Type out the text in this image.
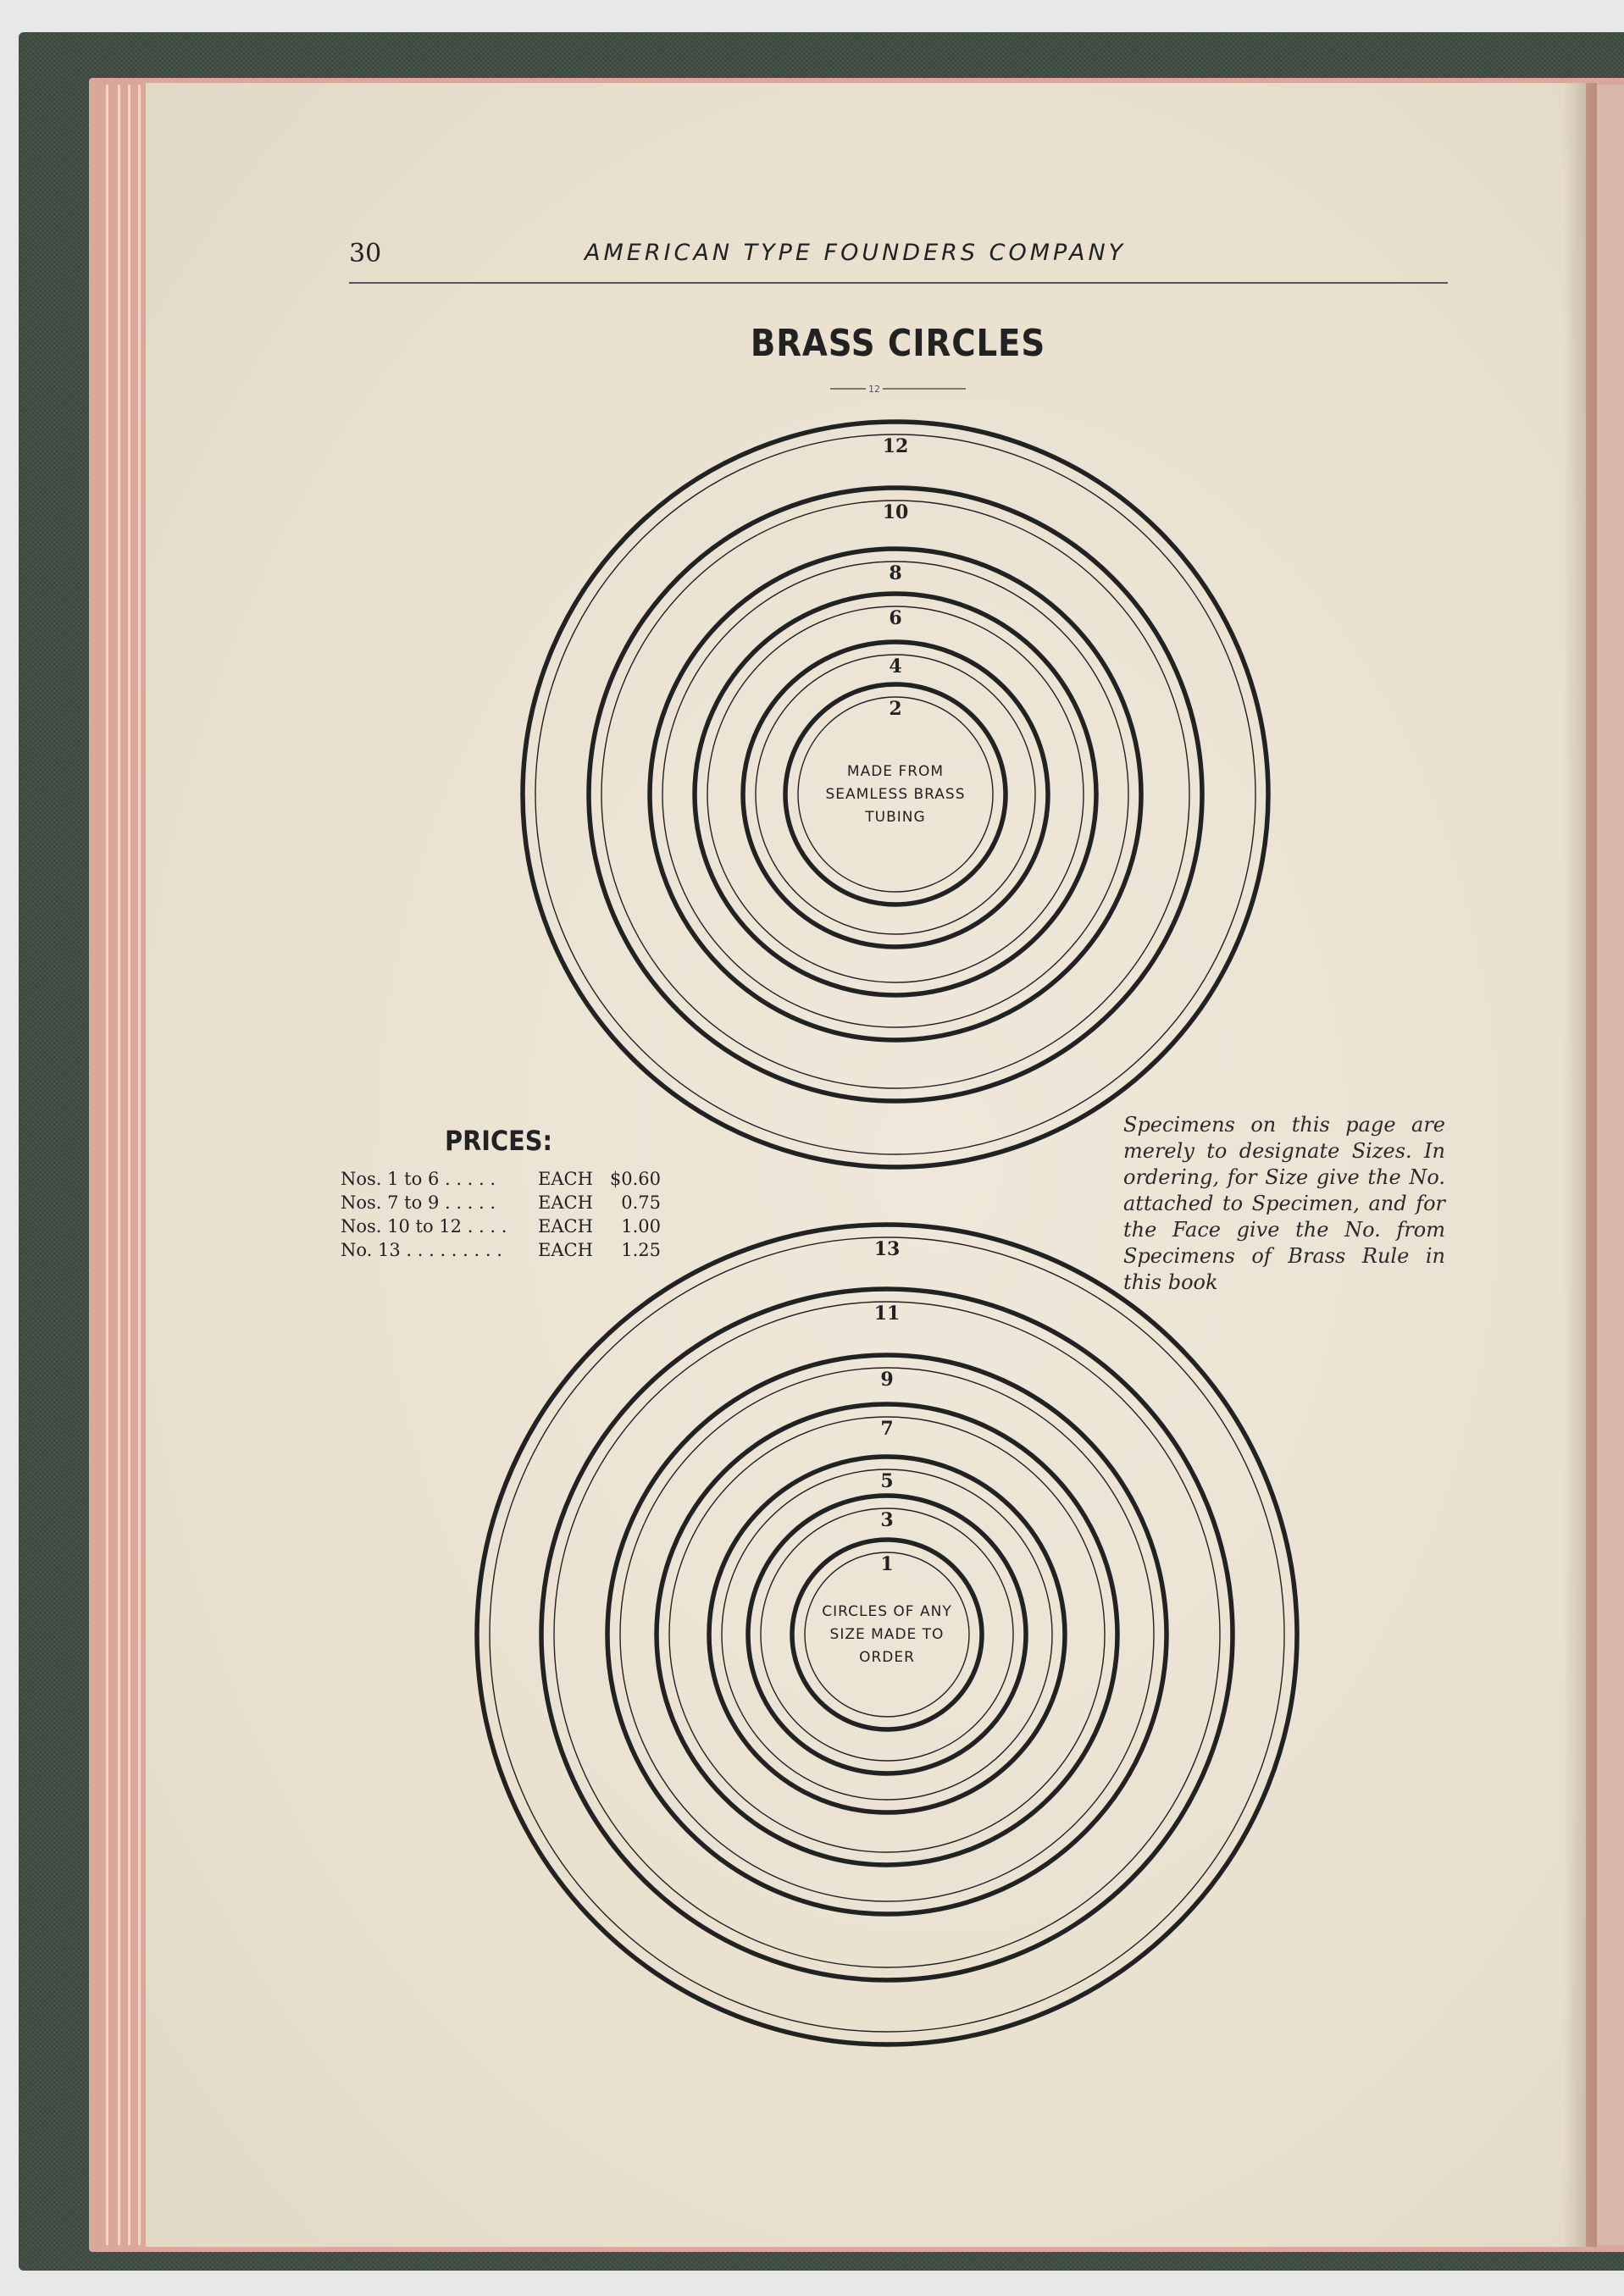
30	AMERICAN TYPE FOUNDERS COMPANY

BRASS CIRCLES

12
12
10
8
6
4
2
MADE FROM
SEAMLESS BRASS
TUBING
13
11
9
7
5
3
1
CIRCLES OF ANY
SIZE MADE TO
ORDER

PRICES:

Nos. 1 to 6 . . . . . EACH $0.60
Nos. 7 to 9 . . . . . EACH	0.75
Nos. 10 to 12 . . . . EACH	1.00
No. 13 . . . . . . . . . EACH	1.25

Specimens on this page are merely to designate Sizes. In ordering, for Size give the No. attached to Specimen, and for the Face give the No. from Specimens of Brass Rule in this book
